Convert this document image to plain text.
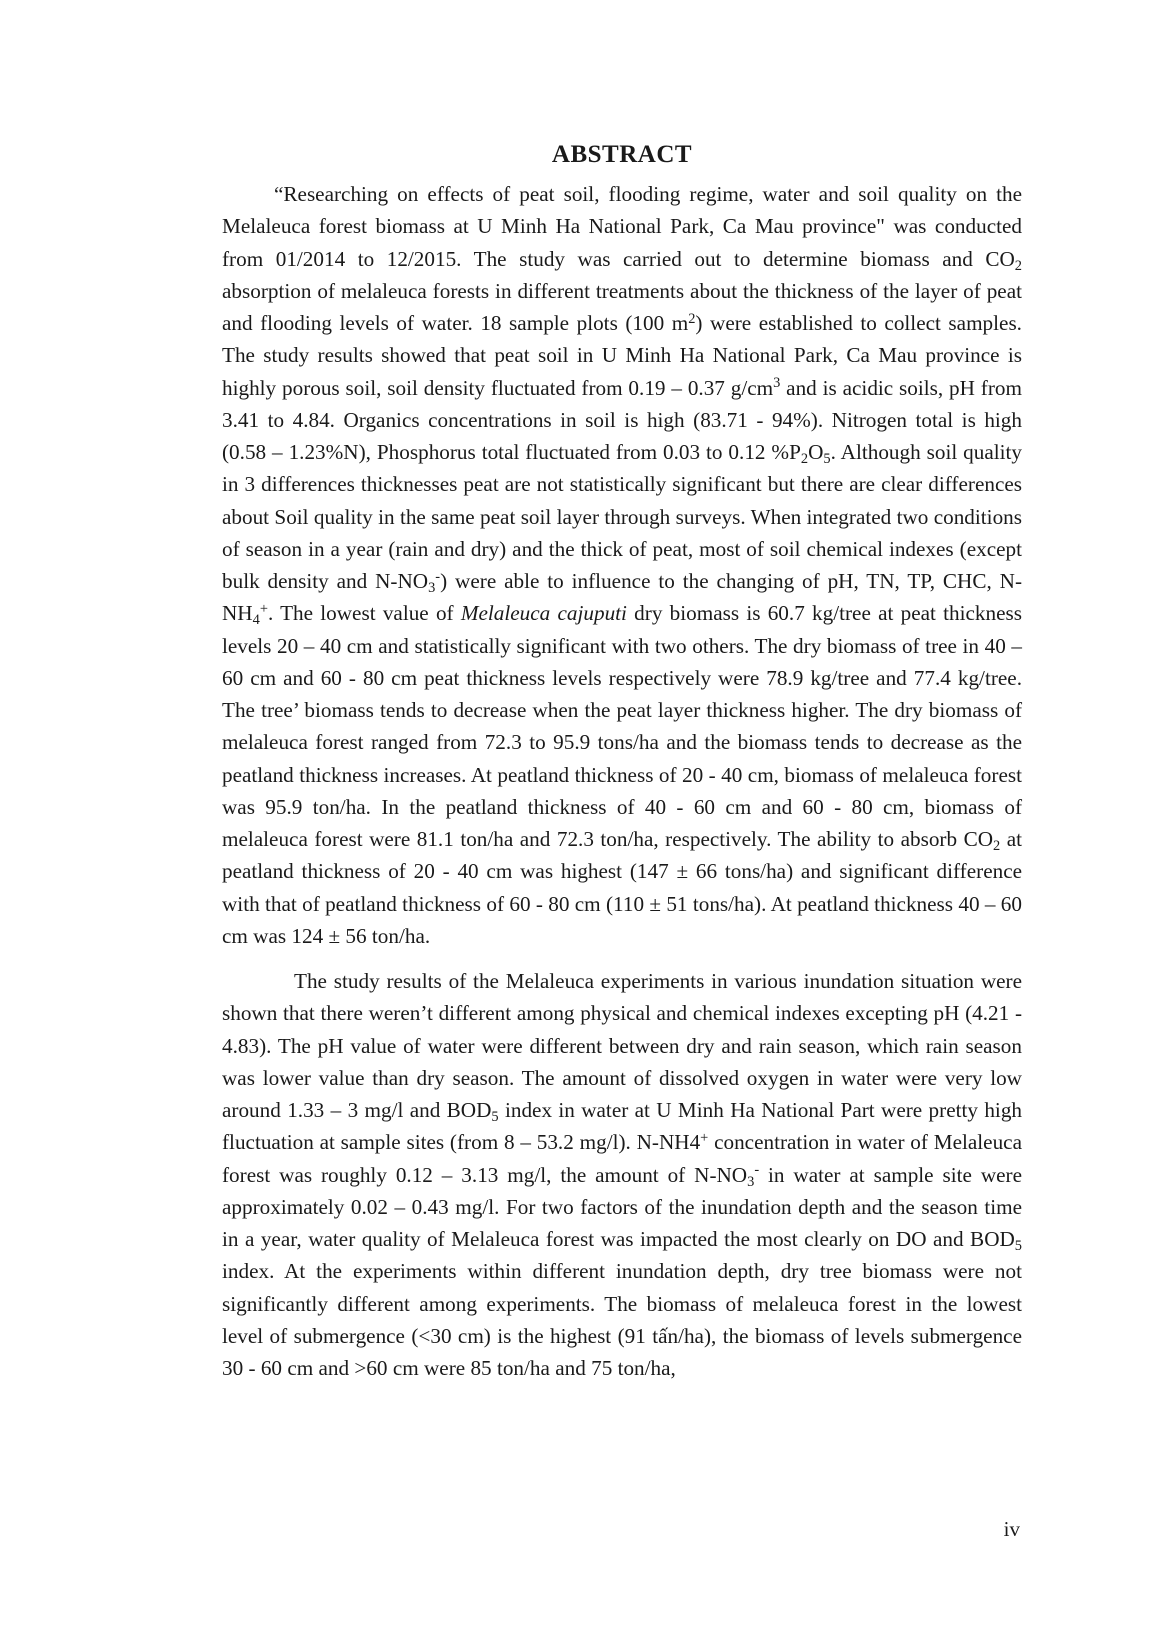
ABSTRACT

“Researching on effects of peat soil, flooding regime, water and soil quality on the Melaleuca forest biomass at U Minh Ha National Park, Ca Mau province" was conducted from 01/2014 to 12/2015. The study was carried out to determine biomass and $CO_2$ absorption of melaleuca forests in different treatments about the thickness of the layer of peat and flooding levels of water. 18 sample plots (100 $m^2$) were established to collect samples. The study results showed that peat soil in U Minh Ha National Park, Ca Mau province is highly porous soil, soil density fluctuated from 0.19 – 0.37 $g/cm^3$ and is acidic soils, pH from 3.41 to 4.84. Organics concentrations in soil is high (83.71 - 94%). Nitrogen total is high (0.58 – 1.23%N), Phosphorus total fluctuated from 0.03 to 0.12 $\%P_2O_5$. Although soil quality in 3 differences thicknesses peat are not statistically significant but there are clear differences about Soil quality in the same peat soil layer through surveys. When integrated two conditions of season in a year (rain and dry) and the thick of peat, most of soil chemical indexes (except bulk density and $N-NO_3^-$) were able to influence to the changing of pH, TN, TP, CHC, $N-NH_4^+$. The lowest value of Melaleuca cajuputi dry biomass is 60.7 kg/tree at peat thickness levels 20 – 40 cm and statistically significant with two others. The dry biomass of tree in 40 – 60 cm and 60 - 80 cm peat thickness levels respectively were 78.9 kg/tree and 77.4 kg/tree. The tree’ biomass tends to decrease when the peat layer thickness higher. The dry biomass of melaleuca forest ranged from 72.3 to 95.9 tons/ha and the biomass tends to decrease as the peatland thickness increases. At peatland thickness of 20 - 40 cm, biomass of melaleuca forest was 95.9 ton/ha. In the peatland thickness of 40 - 60 cm and 60 - 80 cm, biomass of melaleuca forest were 81.1 ton/ha and 72.3 ton/ha, respectively. The ability to absorb $CO_2$ at peatland thickness of 20 - 40 cm was highest (147 ± 66 tons/ha) and significant difference with that of peatland thickness of 60 - 80 cm (110 ± 51 tons/ha). At peatland thickness 40 – 60 cm was 124 ± 56 ton/ha.

The study results of the Melaleuca experiments in various inundation situation were shown that there weren’t different among physical and chemical indexes excepting pH (4.21 - 4.83). The pH value of water were different between dry and rain season, which rain season was lower value than dry season. The amount of dissolved oxygen in water were very low around 1.33 – 3 mg/l and $BOD_5$ index in water at U Minh Ha National Part were pretty high fluctuation at sample sites (from 8 – 53.2 mg/l). N-NH4+ concentration in water of Melaleuca forest was roughly 0.12 – 3.13 mg/l, the amount of $N-NO_3^-$ in water at sample site were approximately 0.02 – 0.43 mg/l. For two factors of the inundation depth and the season time in a year, water quality of Melaleuca forest was impacted the most clearly on DO and $BOD_5$ index. At the experiments within different inundation depth, dry tree biomass were not significantly different among experiments. The biomass of melaleuca forest in the lowest level of submergence (<30 cm) is the highest (91 tấn/ha), the biomass of levels submergence 30 - 60 cm and >60 cm were 85 ton/ha and 75 ton/ha,

iv
